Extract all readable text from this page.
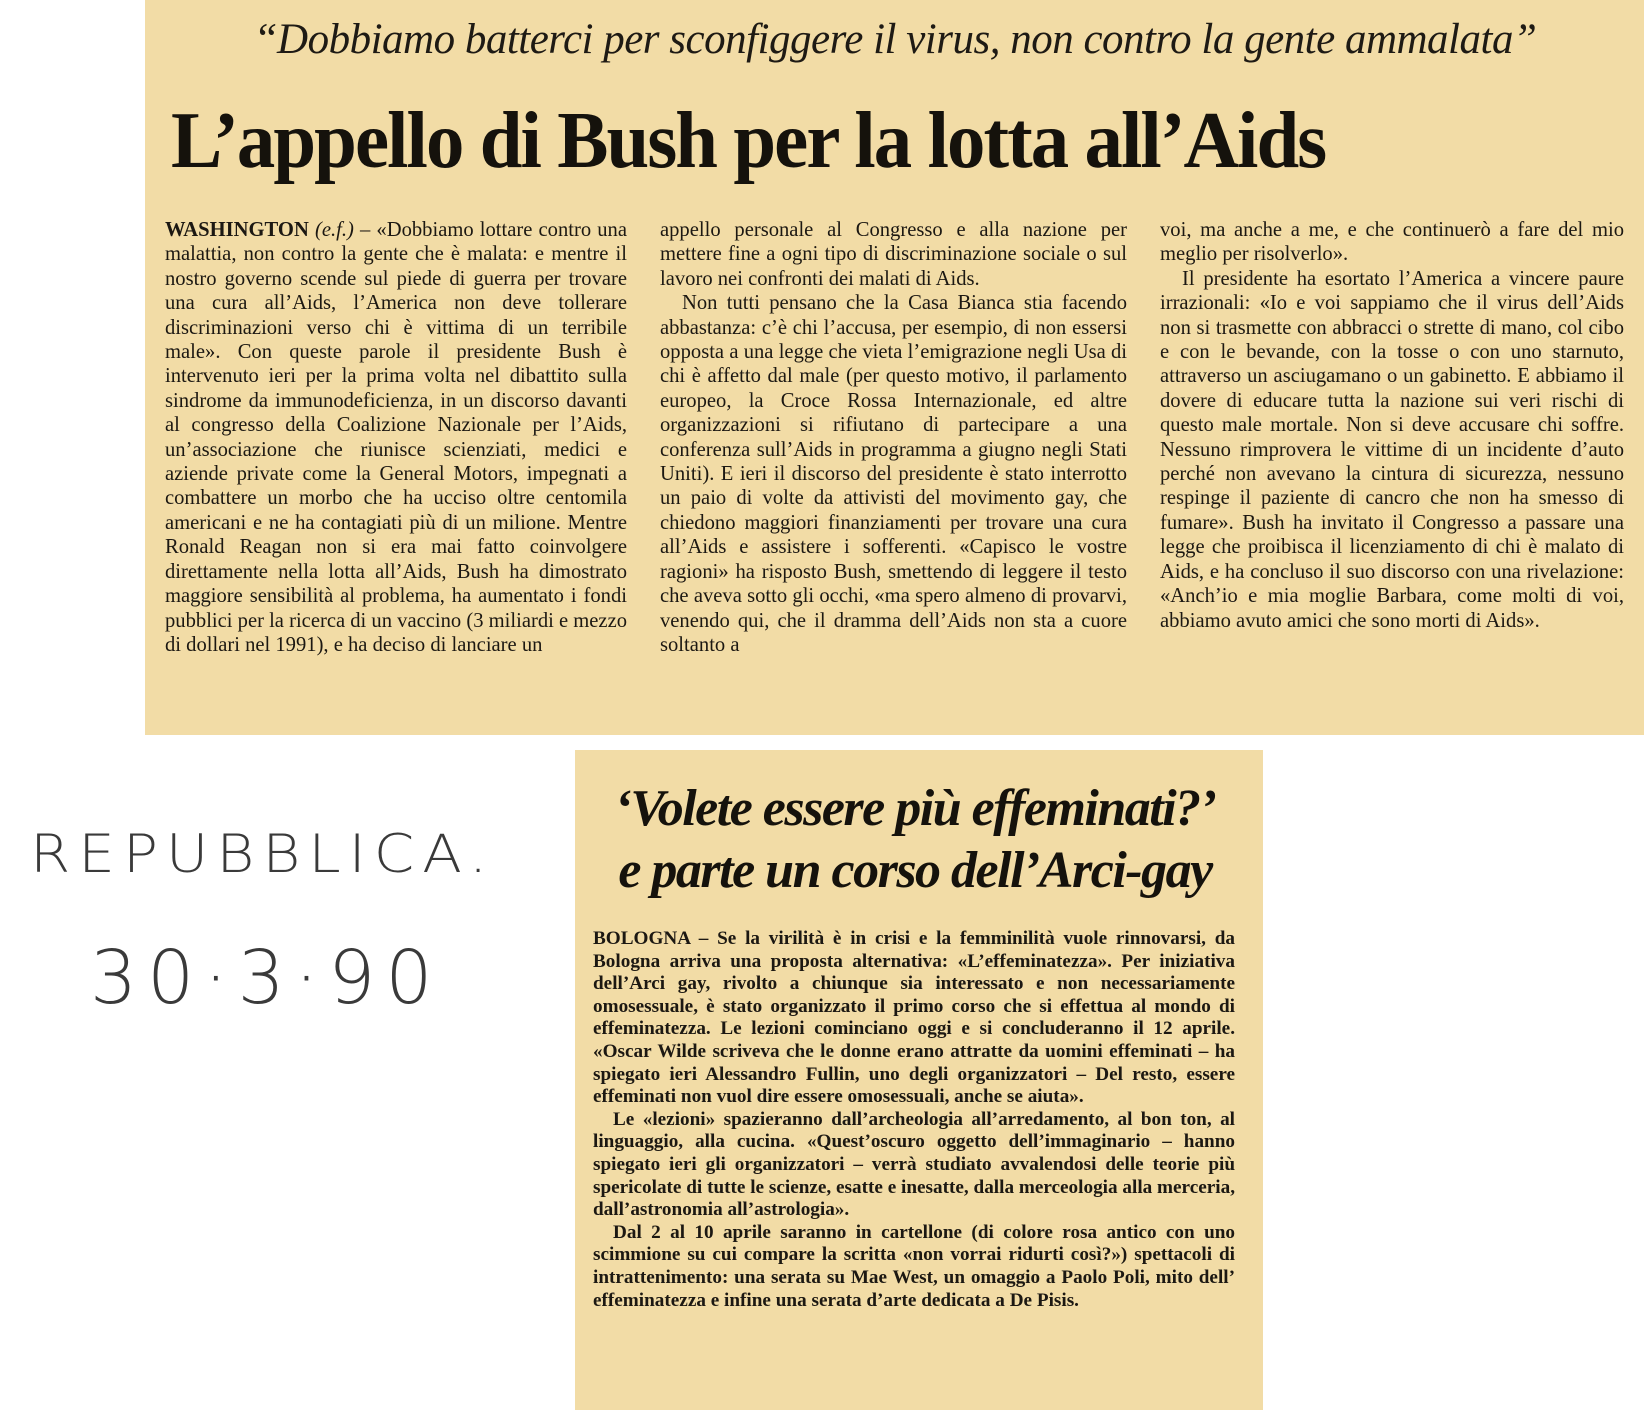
“Dobbiamo batterci per sconfiggere il virus, non contro la gente ammalata”
L’appello di Bush per la lotta all’Aids

WASHINGTON (e.f.) – «Dobbiamo lottare contro una malattia, non contro la gente che è malata: e mentre il nostro governo scende sul piede di guerra per trovare una cura all’Aids, l’America non deve tollerare discriminazioni verso chi è vittima di un terribile male». Con queste parole il presidente Bush è intervenuto ieri per la prima volta nel dibattito sulla sindrome da immunodeficienza, in un discorso davanti al congresso della Coalizione Nazionale per l’Aids, un’associazione che riunisce scienziati, medici e aziende private come la General Motors, impegnati a combattere un morbo che ha ucciso oltre centomila americani e ne ha contagiati più di un milione. Mentre Ronald Reagan non si era mai fatto coinvolgere direttamente nella lotta all’Aids, Bush ha dimostrato maggiore sensibilità al problema, ha aumentato i fondi pubblici per la ricerca di un vaccino (3 miliardi e mezzo di dollari nel 1991), e ha deciso di lanciare un

appello personale al Congresso e alla nazione per mettere fine a ogni tipo di discriminazione sociale o sul lavoro nei confronti dei malati di Aids.

Non tutti pensano che la Casa Bianca stia facendo abbastanza: c’è chi l’accusa, per esempio, di non essersi opposta a una legge che vieta l’emigrazione negli Usa di chi è affetto dal male (per questo motivo, il parlamento europeo, la Croce Rossa Internazionale, ed altre organizzazioni si rifiutano di partecipare a una conferenza sull’Aids in programma a giugno negli Stati Uniti). E ieri il discorso del presidente è stato interrotto un paio di volte da attivisti del movimento gay, che chiedono maggiori finanziamenti per trovare una cura all’Aids e assistere i sofferenti. «Capisco le vostre ragioni» ha risposto Bush, smettendo di leggere il testo che aveva sotto gli occhi, «ma spero almeno di provarvi, venendo qui, che il dramma dell’Aids non sta a cuore soltanto a

voi, ma anche a me, e che continuerò a fare del mio meglio per risolverlo».

Il presidente ha esortato l’America a vincere paure irrazionali: «Io e voi sappiamo che il virus dell’Aids non si trasmette con abbracci o strette di mano, col cibo e con le bevande, con la tosse o con uno starnuto, attraverso un asciugamano o un gabinetto. E abbiamo il dovere di educare tutta la nazione sui veri rischi di questo male mortale. Non si deve accusare chi soffre. Nessuno rimprovera le vittime di un incidente d’auto perché non avevano la cintura di sicurezza, nessuno respinge il paziente di cancro che non ha smesso di fumare». Bush ha invitato il Congresso a passare una legge che proibisca il licenziamento di chi è malato di Aids, e ha concluso il suo discorso con una rivelazione: «Anch’io e mia moglie Barbara, come molti di voi, abbiamo avuto amici che sono morti di Aids».

REPUBBLICA.
30·3·90
‘Volete essere più effeminati?’
e parte un corso dell’Arci-gay

BOLOGNA – Se la virilità è in crisi e la femminilità vuole rinnovarsi, da Bologna arriva una proposta alternativa: «L’effeminatezza». Per iniziativa dell’Arci gay, rivolto a chiunque sia interessato e non necessariamente omosessuale, è stato organizzato il primo corso che si effettua al mondo di effeminatezza. Le lezioni cominciano oggi e si concluderanno il 12 aprile. «Oscar Wilde scriveva che le donne erano attratte da uomini effeminati – ha spiegato ieri Alessandro Fullin, uno degli organizzatori – Del resto, essere effeminati non vuol dire essere omosessuali, anche se aiuta».

Le «lezioni» spazieranno dall’archeologia all’arredamento, al bon ton, al linguaggio, alla cucina. «Quest’oscuro oggetto dell’immaginario – hanno spiegato ieri gli organizzatori – verrà studiato avvalendosi delle teorie più spericolate di tutte le scienze, esatte e inesatte, dalla merceologia alla merceria, dall’astronomia all’astrologia».

Dal 2 al 10 aprile saranno in cartellone (di colore rosa antico con uno scimmione su cui compare la scritta «non vorrai ridurti così?») spettacoli di intrattenimento: una serata su Mae West, un omaggio a Paolo Poli, mito dell’ effeminatezza e infine una serata d’arte dedicata a De Pisis.
